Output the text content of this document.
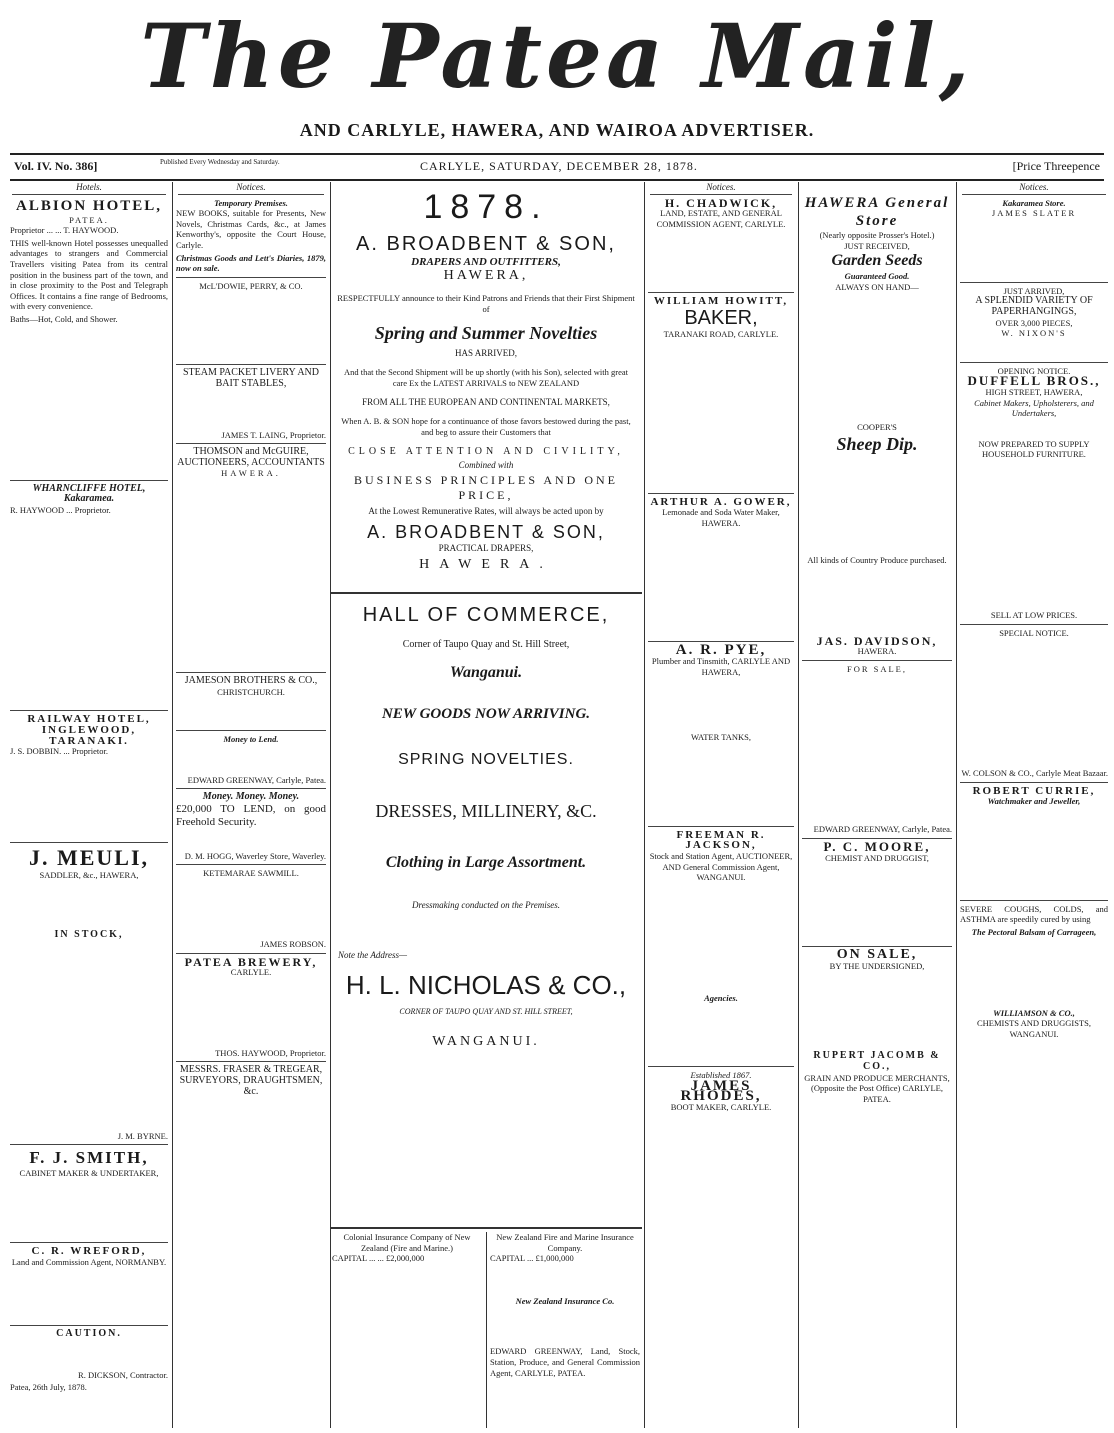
The Patea Mail,
AND CARLYLE, HAWERA, AND WAIROA ADVERTISER.
Vol. IV. No. 386]	Published Every Wednesday and Saturday.	CARLYLE, SATURDAY, DECEMBER 28, 1878.	[Price Threepence
Hotels.
ALBION HOTEL,
PATEA.

Proprietor ... ... T. HAYWOOD.

THIS well-known Hotel possesses unequalled advantages to strangers and Commercial Travellers visiting Patea from its central position in the business part of the town, and in close proximity to the Post and Telegraph Offices. It contains a fine range of Bedrooms, with every convenience.

Baths—Hot, Cold, and Shower.

WHARNCLIFFE HOTEL, Kakaramea.

R. HAYWOOD ... Proprietor.

RAILWAY HOTEL, INGLEWOOD, TARANAKI.

J. S. DOBBIN. ... Proprietor.

J. MEULI,
SADDLER, &c., HAWERA,
IN STOCK,

J. M. BYRNE.

F. J. SMITH,
CABINET MAKER & UNDERTAKER,
C. R. WREFORD,
Land and Commission Agent, NORMANBY.
CAUTION.

R. DICKSON, Contractor.

Patea, 26th July, 1878.

Notices.
Temporary Premises.

NEW BOOKS, suitable for Presents, New Novels, Christmas Cards, &c., at James Kenworthy's, opposite the Court House, Carlyle.

Christmas Goods and Lett's Diaries, 1879, now on sale.

McL'DOWIE, PERRY, & CO.
STEAM PACKET LIVERY AND BAIT STABLES,

JAMES T. LAING, Proprietor.

THOMSON and McGUIRE, AUCTIONEERS, ACCOUNTANTS
HAWERA.
JAMESON BROTHERS & CO.,
CHRISTCHURCH.
Money to Lend.

EDWARD GREENWAY, Carlyle, Patea.

Money. Money. Money.

£20,000 TO LEND, on good Freehold Security.

D. M. HOGG, Waverley Store, Waverley.

KETEMARAE SAWMILL.

JAMES ROBSON.

PATEA BREWERY,
CARLYLE.

THOS. HAYWOOD, Proprietor.

MESSRS. FRASER & TREGEAR, SURVEYORS, DRAUGHTSMEN, &c.
1878.
A. BROADBENT & SON,
DRAPERS AND OUTFITTERS,
HAWERA,

RESPECTFULLY announce to their Kind Patrons and Friends that their First Shipment of

Spring and Summer Novelties
HAS ARRIVED,

And that the Second Shipment will be up shortly (with his Son), selected with great care Ex the LATEST ARRIVALS to NEW ZEALAND

FROM ALL THE EUROPEAN AND CONTINENTAL MARKETS,

When A. B. & SON hope for a continuance of those favors bestowed during the past, and beg to assure their Customers that

CLOSE ATTENTION AND CIVILITY,
Combined with
BUSINESS PRINCIPLES AND ONE PRICE,
At the Lowest Remunerative Rates, will always be acted upon by
A. BROADBENT & SON,
PRACTICAL DRAPERS,
HAWERA.
HALL OF COMMERCE,
Corner of Taupo Quay and St. Hill Street,
Wanganui.
NEW GOODS NOW ARRIVING.
SPRING NOVELTIES.
DRESSES, MILLINERY, &C.
Clothing in Large Assortment.
Dressmaking conducted on the Premises.
Note the Address—
H. L. NICHOLAS & CO.,
CORNER OF TAUPO QUAY AND ST. HILL STREET,
WANGANUI.
Colonial Insurance Company of New Zealand (Fire and Marine.)

CAPITAL ... ... £2,000,000

New Zealand Fire and Marine Insurance Company.

CAPITAL ... £1,000,000

New Zealand Insurance Co.

EDWARD GREENWAY, Land, Stock, Station, Produce, and General Commission Agent, CARLYLE, PATEA.

Notices.
H. CHADWICK,
LAND, ESTATE, AND GENERAL COMMISSION AGENT, CARLYLE.
WILLIAM HOWITT,
BAKER,
TARANAKI ROAD, CARLYLE.
ARTHUR A. GOWER,
Lemonade and Soda Water Maker, HAWERA.
A. R. PYE,
Plumber and Tinsmith, CARLYLE AND HAWERA,
WATER TANKS,
FREEMAN R. JACKSON,
Stock and Station Agent, AUCTIONEER, AND General Commission Agent, WANGANUI.
Agencies.
Established 1867.
JAMES RHODES,
BOOT MAKER, CARLYLE.
HAWERA General Store
(Nearly opposite Prosser's Hotel.)
JUST RECEIVED,
Garden Seeds
Guaranteed Good.
ALWAYS ON HAND—
COOPER'S
Sheep Dip.
All kinds of Country Produce purchased.
JAS. DAVIDSON,
HAWERA.
FOR SALE,

EDWARD GREENWAY, Carlyle, Patea.

P. C. MOORE,
CHEMIST AND DRUGGIST,
ON SALE,
BY THE UNDERSIGNED,
RUPERT JACOMB & CO.,
GRAIN AND PRODUCE MERCHANTS, (Opposite the Post Office) CARLYLE, PATEA.
Notices.
Kakaramea Store.
JAMES SLATER
JUST ARRIVED,
A SPLENDID VARIETY OF PAPERHANGINGS,
OVER 3,000 PIECES,
W. NIXON'S
OPENING NOTICE.
DUFFELL BROS.,
HIGH STREET, HAWERA,
Cabinet Makers, Upholsterers, and Undertakers,
NOW PREPARED TO SUPPLY
HOUSEHOLD FURNITURE.
SELL AT LOW PRICES.
SPECIAL NOTICE.

W. COLSON & CO., Carlyle Meat Bazaar.

ROBERT CURRIE,
Watchmaker and Jeweller,

SEVERE COUGHS, COLDS, and ASTHMA are speedily cured by using

The Pectoral Balsam of Carrageen,
WILLIAMSON & CO.,
CHEMISTS AND DRUGGISTS, WANGANUI.
